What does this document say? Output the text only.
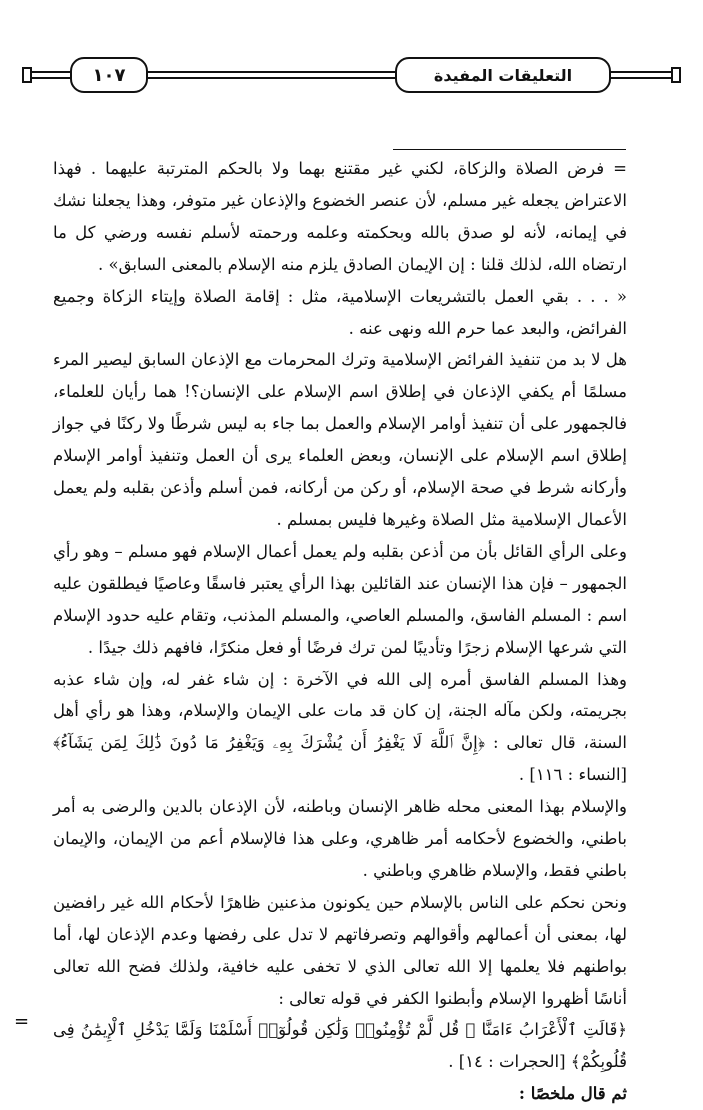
١٠٧	التعليقات المفيدة

= فرض الصلاة والزكاة، لكني غير مقتنع بهما ولا بالحكم المترتبة عليهما . فهذا الاعتراض يجعله غير مسلم، لأن عنصر الخضوع والإذعان غير متوفر، وهذا يجعلنا نشك في إيمانه، لأنه لو صدق بالله وبحكمته وعلمه ورحمته لأسلم نفسه ورضي كل ما ارتضاه الله، لذلك قلنا : إن الإيمان الصادق يلزم منه الإسلام بالمعنى السابق» .

« . . . بقي العمل بالتشريعات الإسلامية، مثل : إقامة الصلاة وإيتاء الزكاة وجميع الفرائض، والبعد عما حرم الله ونهى عنه .

هل لا بد من تنفيذ الفرائض الإسلامية وترك المحرمات مع الإذعان السابق ليصير المرء مسلمًا أم يكفي الإذعان في إطلاق اسم الإسلام على الإنسان؟! هما رأيان للعلماء، فالجمهور على أن تنفيذ أوامر الإسلام والعمل بما جاء به ليس شرطًا ولا ركنًا في جواز إطلاق اسم الإسلام على الإنسان، وبعض العلماء يرى أن العمل وتنفيذ أوامر الإسلام وأركانه شرط في صحة الإسلام، أو ركن من أركانه، فمن أسلم وأذعن بقلبه ولم يعمل الأعمال الإسلامية مثل الصلاة وغيرها فليس بمسلم .

وعلى الرأي القائل بأن من أذعن بقلبه ولم يعمل أعمال الإسلام فهو مسلم – وهو رأي الجمهور – فإن هذا الإنسان عند القائلين بهذا الرأي يعتبر فاسقًا وعاصيًا فيطلقون عليه اسم : المسلم الفاسق، والمسلم العاصي، والمسلم المذنب، وتقام عليه حدود الإسلام التي شرعها الإسلام زجرًا وتأديبًا لمن ترك فرضًا أو فعل منكرًا، فافهم ذلك جيدًا .

وهذا المسلم الفاسق أمره إلى الله في الآخرة : إن شاء غفر له، وإن شاء عذبه بجريمته، ولكن مآله الجنة، إن كان قد مات على الإيمان والإسلام، وهذا هو رأي أهل السنة، قال تعالى : ﴿إِنَّ ٱللَّهَ لَا يَغْفِرُ أَن يُشْرَكَ بِهِۦ وَيَغْفِرُ مَا دُونَ ذَٰلِكَ لِمَن يَشَآءُ﴾ [النساء : ١١٦] .

والإسلام بهذا المعنى محله ظاهر الإنسان وباطنه، لأن الإذعان بالدين والرضى به أمر باطني، والخضوع لأحكامه أمر ظاهري، وعلى هذا فالإسلام أعم من الإيمان، والإيمان باطني فقط، والإسلام ظاهري وباطني .

ونحن نحكم على الناس بالإسلام حين يكونون مذعنين ظاهرًا لأحكام الله غير رافضين لها، بمعنى أن أعمالهم وأقوالهم وتصرفاتهم لا تدل على رفضها وعدم الإذعان لها، أما بواطنهم فلا يعلمها إلا الله تعالى الذي لا تخفى عليه خافية، ولذلك فضح الله تعالى أناسًا أظهروا الإسلام وأبطنوا الكفر في قوله تعالى :

﴿قَالَتِ ٱلْأَعْرَابُ ءَامَنَّا ۖ قُل لَّمْ تُؤْمِنُوا۟ وَلَٰكِن قُولُوٓا۟ أَسْلَمْنَا وَلَمَّا يَدْخُلِ ٱلْإِيمَٰنُ فِى قُلُوبِكُمْ﴾ [الحجرات : ١٤] .

ثم قال ملخصًا :

=
